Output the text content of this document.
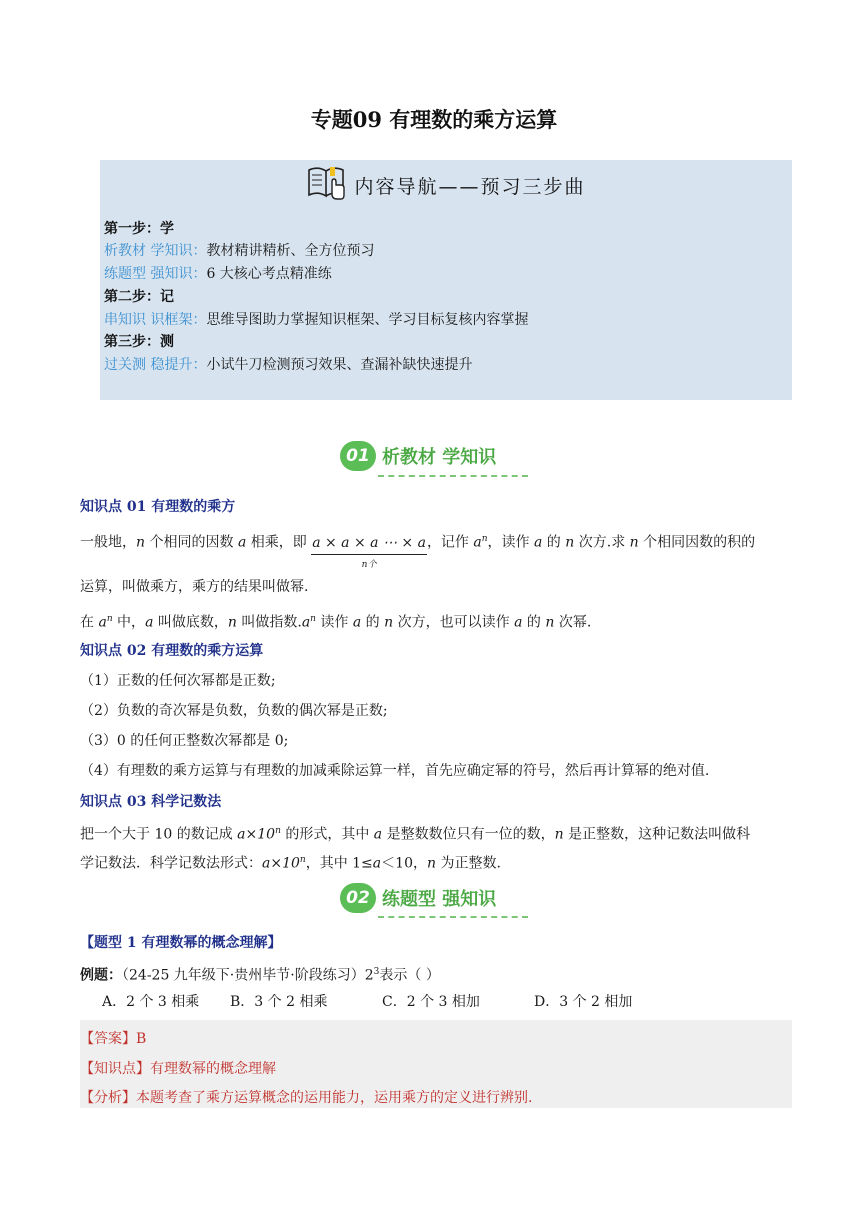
专题09 有理数的乘方运算
内容导航——预习三步曲
第一步：学
析教材 学知识：教材精讲精析、全方位预习
练题型 强知识：6 大核心考点精准练
第二步：记
串知识 识框架：思维导图助力掌握知识框架、学习目标复核内容掌握
第三步：测
过关测 稳提升：小试牛刀检测预习效果、查漏补缺快速提升
01 析教材 学知识
知识点 01 有理数的乘方
一般地，n 个相同的因数 a 相乘，即 a × a × a ⋯ × a
n个
，记作 $a^n$，读作 a 的 n 次方.求 n 个相同因数的积的
运算，叫做乘方，乘方的结果叫做幂.
在 $a^n$ 中，a 叫做底数，n 叫做指数$.a^n$ 读作 a 的 n 次方，也可以读作 a 的 n 次幂.
知识点 02 有理数的乘方运算
（1）正数的任何次幂都是正数;
（2）负数的奇次幂是负数，负数的偶次幂是正数;
（3）0 的任何正整数次幂都是 0;
（4）有理数的乘方运算与有理数的加减乘除运算一样，首先应确定幂的符号，然后再计算幂的绝对值.
知识点 03 科学记数法
把一个大于 10 的数记成 $a\times 10^n$ 的形式，其中 a 是整数数位只有一位的数，n 是正整数，这种记数法叫做科
学记数法．科学记数法形式：$a\times 10^n$，其中 1≤a＜10，n 为正整数.
02 练题型 强知识
【题型 1 有理数幂的概念理解】
例题：（24-25 九年级下·贵州毕节·阶段练习）$2^3$表示（ ）
A．2 个 3 相乘 B．3 个 2 相乘	C．2 个 3 相加	D．3 个 2 相加
【答案】B
【知识点】有理数幂的概念理解
【分析】本题考查了乘方运算概念的运用能力，运用乘方的定义进行辨别.
